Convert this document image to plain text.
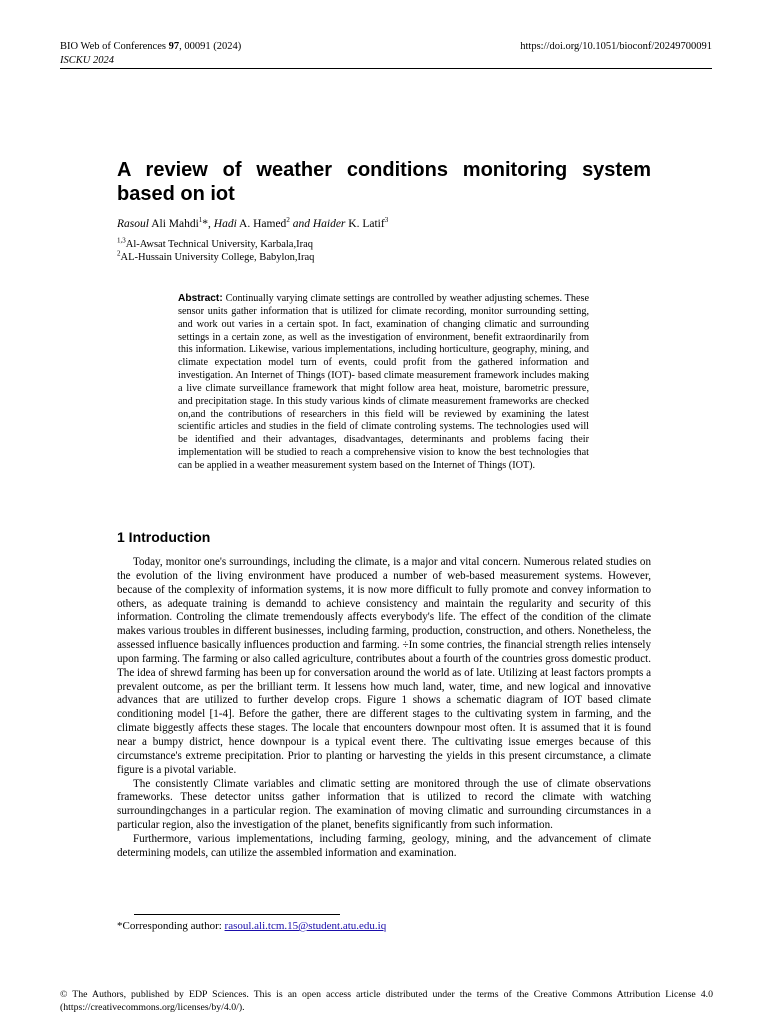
BIO Web of Conferences 97, 00091 (2024)
ISCKU 2024
https://doi.org/10.1051/bioconf/20249700091
A review of weather conditions monitoring system based on iot
Rasoul Ali Mahdi$^1$*, Hadi A. Hamed$^2$ and Haider K. Latif$^3$
$^{1,3}$Al-Awsat Technical University, Karbala,Iraq
$^2$AL-Hussain University College, Babylon,Iraq

Abstract: Continually varying climate settings are controlled by weather adjusting schemes. These sensor units gather information that is utilized for climate recording, monitor surrounding setting, and work out varies in a certain spot. In fact, examination of changing climatic and surrounding settings in a certain zone, as well as the investigation of environment, benefit extraordinarily from this information. Likewise, various implementations, including horticulture, geography, mining, and climate expectation model turn of events, could profit from the gathered information and investigation. An Internet of Things (IOT)- based climate measurement framework includes making a live climate surveillance framework that might follow area heat, moisture, barometric pressure, and precipitation stage. In this study various kinds of climate measurement frameworks are checked on,and the contributions of researchers in this field will be reviewed by examining the latest scientific articles and studies in the field of climate controling systems. The technologies used will be identified and their advantages, disadvantages, determinants and problems facing their implementation will be studied to reach a comprehensive vision to know the best technologies that can be applied in a weather measurement system based on the Internet of Things (IOT).

1 Introduction

Today, monitor one's surroundings, including the climate, is a major and vital concern. Numerous related studies on the evolution of the living environment have produced a number of web-based measurement systems. However, because of the complexity of information systems, it is now more difficult to fully promote and convey information to others, as adequate training is demandd to achieve consistency and maintain the regularity and security of this information. Controling the climate tremendously affects everybody's life. The effect of the condition of the climate makes various troubles in different businesses, including farming, production, construction, and others. Nonetheless, the assessed influence basically influences production and farming. ÷In some contries, the financial strength relies intensely upon farming. The farming or also called agriculture, contributes about a fourth of the countries gross domestic product. The idea of shrewd farming has been up for conversation around the world as of late. Utilizing at least factors prompts a prevalent outcome, as per the brilliant term. It lessens how much land, water, time, and new logical and innovative advances that are utilized to further develop crops. Figure 1 shows a schematic diagram of IOT based climate conditioning model [1-4]. Before the gather, there are different stages to the cultivating system in farming, and the climate biggestly affects these stages. The locale that encounters downpour most often. It is assumed that it is found near a bumpy district, hence downpour is a typical event there. The cultivating issue emerges because of this circumstance's extreme precipitation. Prior to planting or harvesting the yields in this present circumstance, a climate figure is a pivotal variable.

The consistently Climate variables and climatic setting are monitored through the use of climate observations frameworks. These detector unitss gather information that is utilized to record the climate with watching surroundingchanges in a particular region. The examination of moving climatic and surrounding circumstances in a particular region, also the investigation of the planet, benefits significantly from such information.

Furthermore, various implementations, including farming, geology, mining, and the advancement of climate determining models, can utilize the assembled information and examination.

*Corresponding author: rasoul.ali.tcm.15@student.atu.edu.iq

© The Authors, published by EDP Sciences. This is an open access article distributed under the terms of the Creative Commons Attribution License 4.0 (https://creativecommons.org/licenses/by/4.0/).
